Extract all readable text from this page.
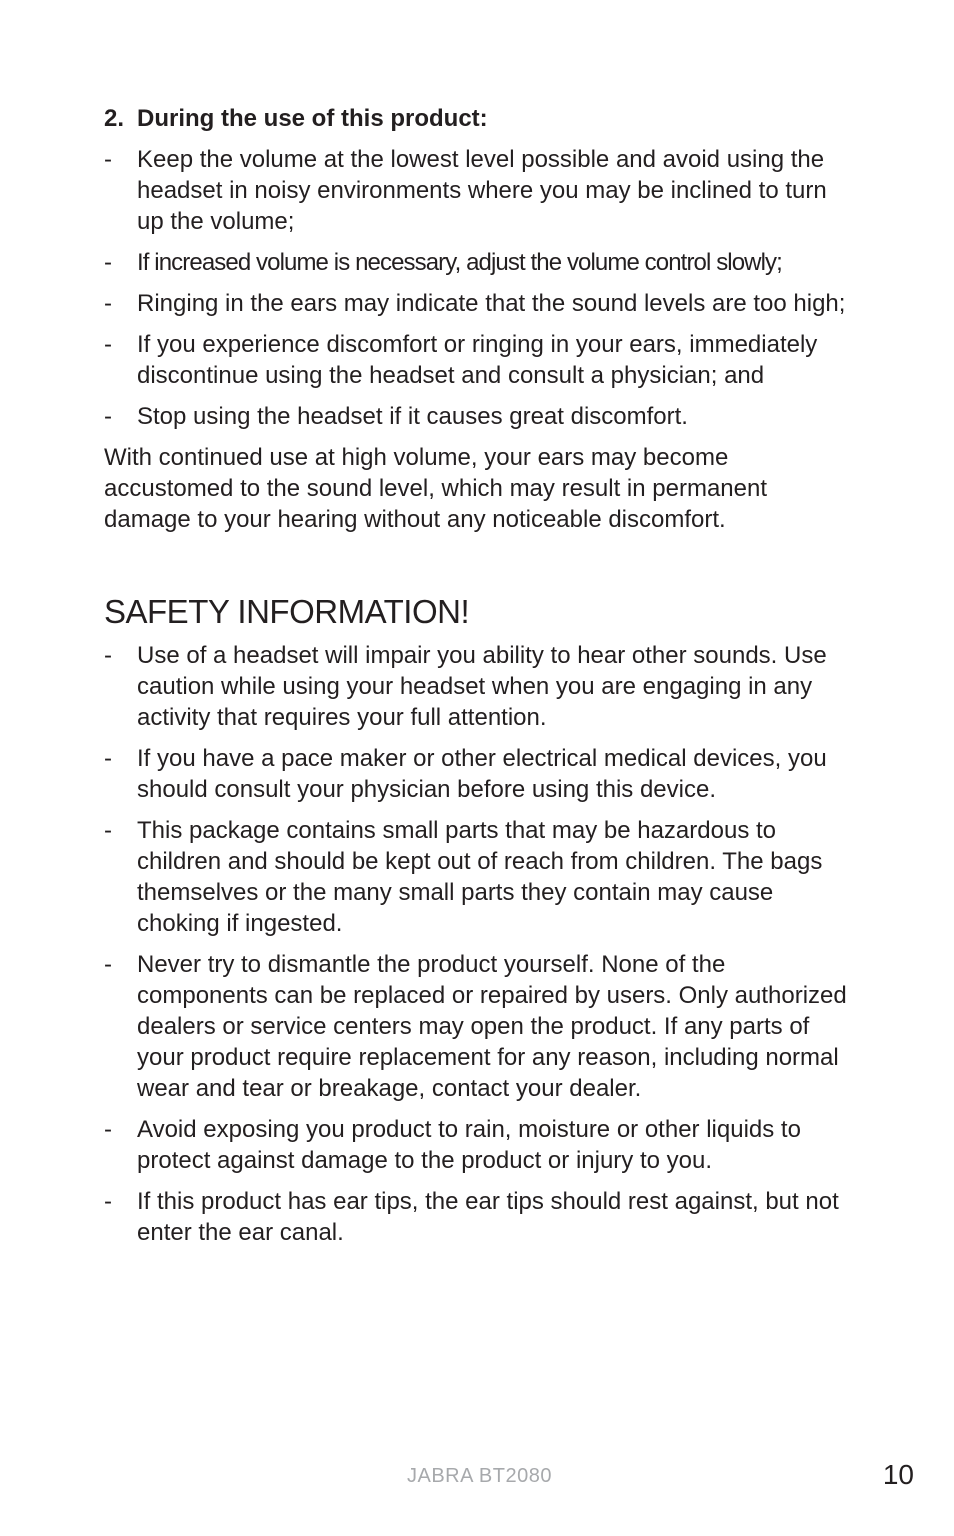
2. During the use of this product:
-	Keep the volume at the lowest level possible and avoid using the headset in noisy environments where you may be inclined to turn up the volume;
-	If increased volume is necessary, adjust the volume control slowly;
-	Ringing in the ears may indicate that the sound levels are too high;
-	If you experience discomfort or ringing in your ears, immediately discontinue using the headset and consult a physician; and
-	Stop using the headset if it causes great discomfort.

With continued use at high volume, your ears may become accustomed to the sound level, which may result in permanent damage to your hearing without any noticeable discomfort.

SAFETY INFORMATION!
-	Use of a headset will impair you ability to hear other sounds. Use caution while using your headset when you are engaging in any activity that requires your full attention.
-	If you have a pace maker or other electrical medical devices, you should consult your physician before using this device.
-	This package contains small parts that may be hazardous to children and should be kept out of reach from children. The bags themselves or the many small parts they contain may cause choking if ingested.
-	Never try to dismantle the product yourself. None of the components can be replaced or repaired by users. Only authorized dealers or service centers may open the product. If any parts of your product require replacement for any reason, including normal wear and tear or breakage, contact your dealer.
-	Avoid exposing you product to rain, moisture or other liquids to protect against damage to the product or injury to you.
-	If this product has ear tips, the ear tips should rest against, but not enter the ear canal.
JABRA BT2080	10
